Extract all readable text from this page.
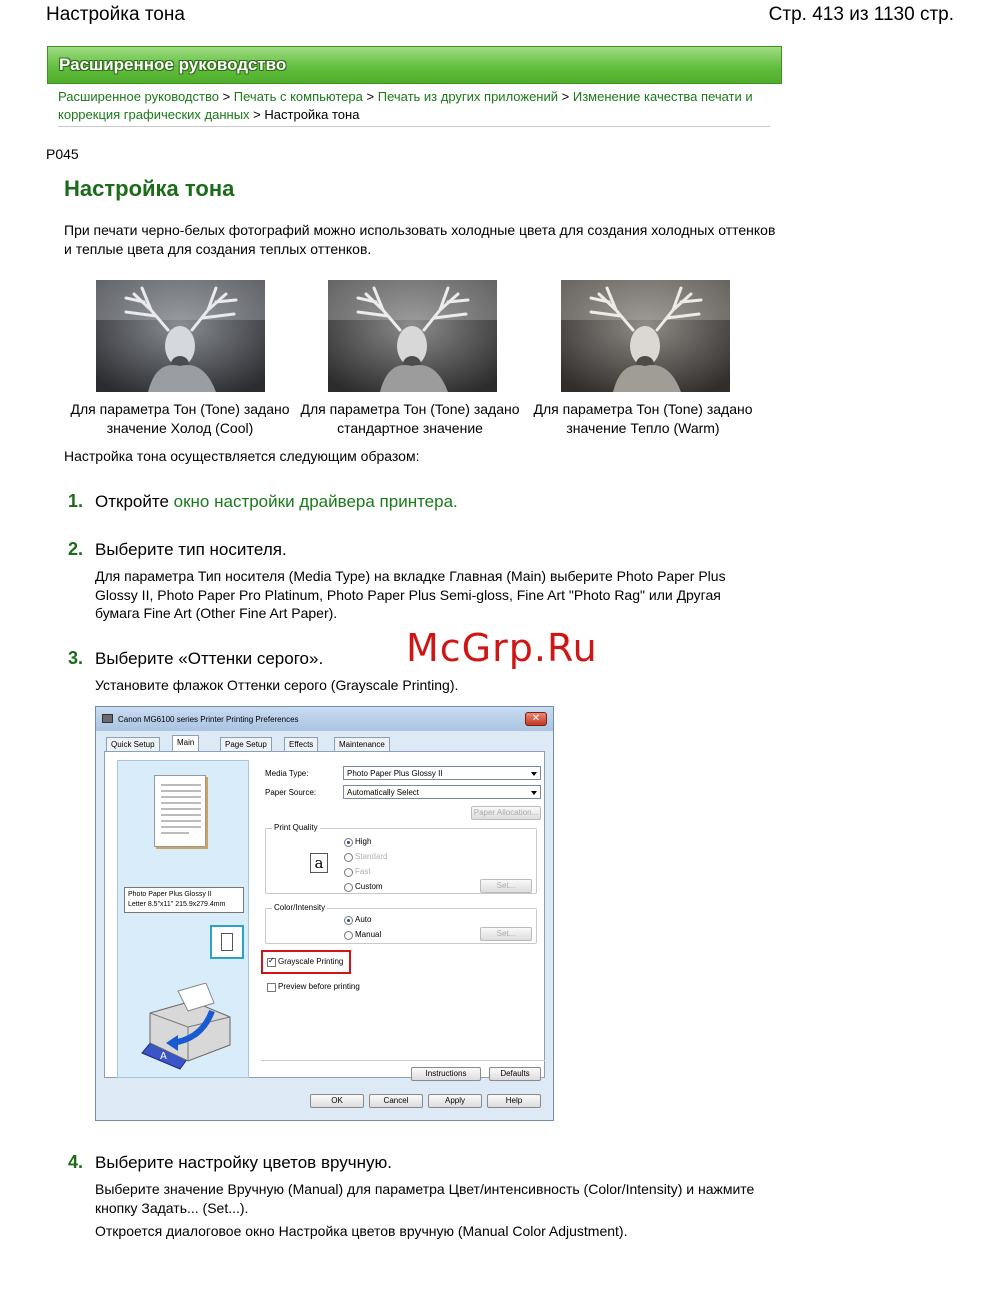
Настройка тона	Стр. 413 из 1130 стр.
Расширенное руководство
Расширенное руководство > Печать с компьютера > Печать из других приложений > Изменение качества печати и коррекция графических данных > Настройка тона
P045
Настройка тона
При печати черно-белых фотографий можно использовать холодные цвета для создания холодных оттенков и теплые цвета для создания теплых оттенков.
Для параметра Тон (Tone) задано значение Холод (Cool)
Для параметра Тон (Tone) задано стандартное значение
Для параметра Тон (Tone) задано значение Тепло (Warm)
Настройка тона осуществляется следующим образом:
1. Откройте окно настройки драйвера принтера.
2. Выберите тип носителя.
Для параметра Тип носителя (Media Type) на вкладке Главная (Main) выберите Photo Paper Plus Glossy II, Photo Paper Pro Platinum, Photo Paper Plus Semi-gloss, Fine Art "Photo Rag" или Другая бумага Fine Art (Other Fine Art Paper).
3. Выберите «Оттенки серого».
Установите флажок Оттенки серого (Grayscale Printing).
McGrp.Ru
Canon MG6100 series Printer Printing Preferences	✕
Quick Setup	Main	Page Setup	Effects	Maintenance
Photo Paper Plus Glossy II
Letter 8.5"x11" 215.9x279.4mm
A
Media Type:	Photo Paper Plus Glossy II
Paper Source:	Automatically Select
Paper Allocation...
Print Quality
a
High
Standard
Fast
Custom	Set...
Color/Intensity
Auto
Manual	Set...
Grayscale Printing ✓
Preview before printing
Instructions	Defaults
OK	Cancel	Apply	Help
4. Выберите настройку цветов вручную.
Выберите значение Вручную (Manual) для параметра Цвет/интенсивность (Color/Intensity) и нажмите кнопку Задать... (Set...).
Откроется диалоговое окно Настройка цветов вручную (Manual Color Adjustment).
